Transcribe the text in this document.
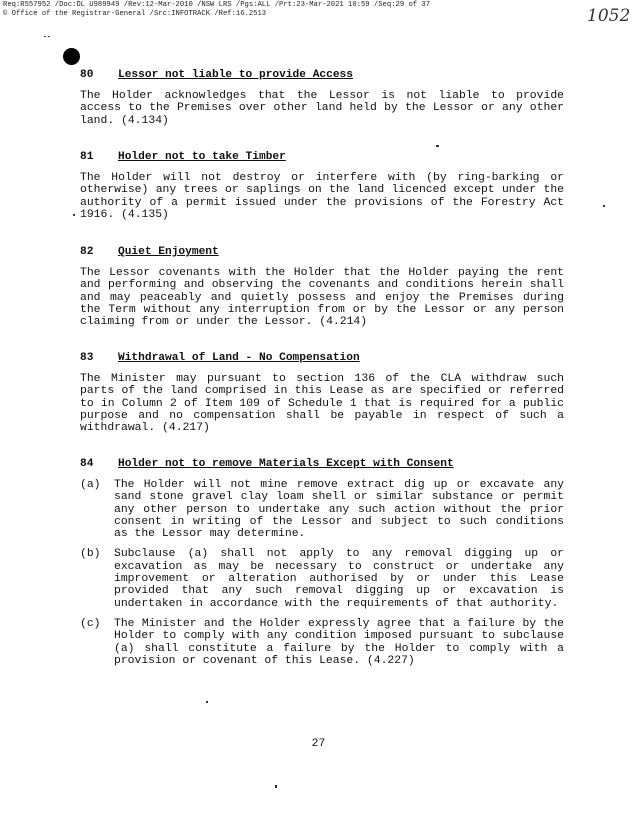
Req:R557952 /Doc:DL U989949 /Rev:12-Mar-2010 /NSW LRS /Pgs:ALL /Prt:23-Mar-2021 10:59 /Seq:29 of 37
© Office of the Registrar-General /Src:INFOTRACK /Ref:16.2513	1052
80 Lessor not liable to provide Access
The Holder acknowledges that the Lessor is not liable to provide access to the Premises over other land held by the Lessor or any other land. (4.134)
81 Holder not to take Timber
The Holder will not destroy or interfere with (by ring-barking or otherwise) any trees or saplings on the land licenced except under the authority of a permit issued under the provisions of the Forestry Act 1916. (4.135)
82 Quiet Enjoyment
The Lessor covenants with the Holder that the Holder paying the rent and performing and observing the covenants and conditions herein shall and may peaceably and quietly possess and enjoy the Premises during the Term without any interruption from or by the Lessor or any person claiming from or under the Lessor. (4.214)
83 Withdrawal of Land - No Compensation
The Minister may pursuant to section 136 of the CLA withdraw such parts of the land comprised in this Lease as are specified or referred to in Column 2 of Item 109 of Schedule 1 that is required for a public purpose and no compensation shall be payable in respect of such a withdrawal. (4.217)
84 Holder not to remove Materials Except with Consent
(a) The Holder will not mine remove extract dig up or excavate any sand stone gravel clay loam shell or similar substance or permit any other person to undertake any such action without the prior consent in writing of the Lessor and subject to such conditions as the Lessor may determine.
(b) Subclause (a) shall not apply to any removal digging up or excavation as may be necessary to construct or undertake any improvement or alteration authorised by or under this Lease provided that any such removal digging up or excavation is undertaken in accordance with the requirements of that authority.
(c) The Minister and the Holder expressly agree that a failure by the Holder to comply with any condition imposed pursuant to subclause (a) shall constitute a failure by the Holder to comply with a provision or covenant of this Lease. (4.227)
27
